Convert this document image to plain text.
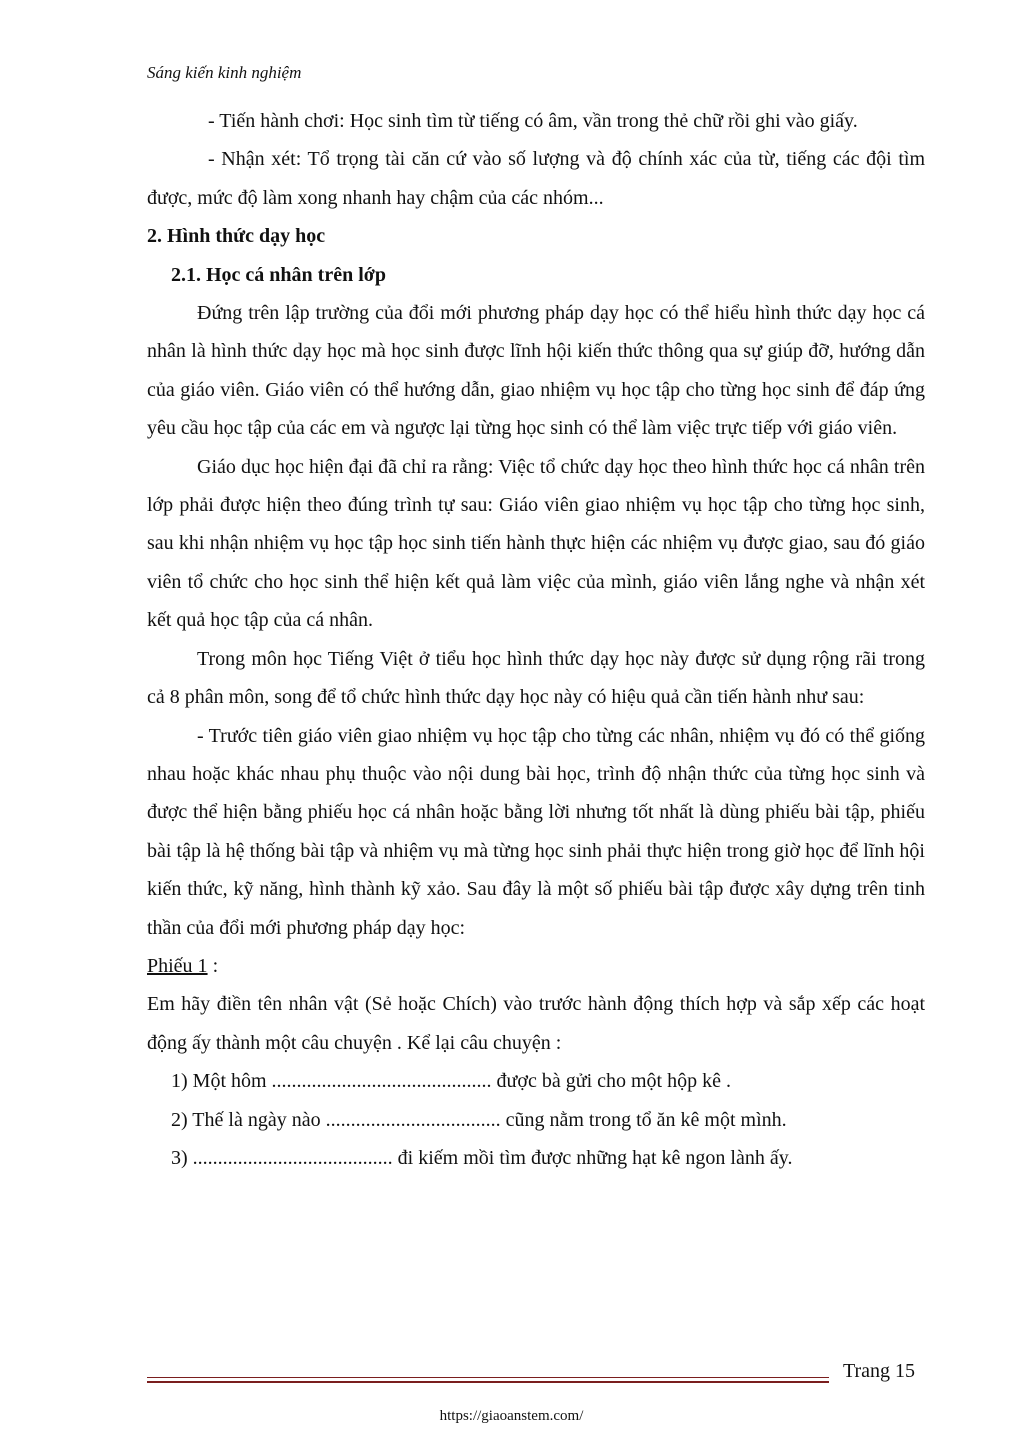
Sáng kiến kinh nghiệm

- Tiến hành chơi: Học sinh tìm từ tiếng có âm, vần trong thẻ chữ rồi ghi vào giấy.

- Nhận xét: Tổ trọng tài căn cứ vào số lượng và độ chính xác của từ, tiếng các đội tìm được, mức độ làm xong nhanh hay chậm của các nhóm...

2. Hình thức dạy học

2.1. Học cá nhân trên lớp

Đứng trên lập trường của đổi mới phương pháp dạy học có thể hiểu hình thức dạy học cá nhân là hình thức dạy học mà học sinh được lĩnh hội kiến thức thông qua sự giúp đỡ, hướng dẫn của giáo viên. Giáo viên có thể hướng dẫn, giao nhiệm vụ học tập cho từng học sinh để đáp ứng yêu cầu học tập của các em và ngược lại từng học sinh có thể làm việc trực tiếp với giáo viên.

Giáo dục học hiện đại đã chỉ ra rằng: Việc tổ chức dạy học theo hình thức học cá nhân trên lớp phải được hiện theo đúng trình tự sau: Giáo viên giao nhiệm vụ học tập cho từng học sinh, sau khi nhận nhiệm vụ học tập học sinh tiến hành thực hiện các nhiệm vụ được giao, sau đó giáo viên tổ chức cho học sinh thể hiện kết quả làm việc của mình, giáo viên lắng nghe và nhận xét kết quả học tập của cá nhân.

Trong môn học Tiếng Việt ở tiểu học hình thức dạy học này được sử dụng rộng rãi trong cả 8 phân môn, song để tổ chức hình thức dạy học này có hiệu quả cần tiến hành như sau:

- Trước tiên giáo viên giao nhiệm vụ học tập cho từng các nhân, nhiệm vụ đó có thể giống nhau hoặc khác nhau phụ thuộc vào nội dung bài học, trình độ nhận thức của từng học sinh và được thể hiện bằng phiếu học cá nhân hoặc bằng lời nhưng tốt nhất là dùng phiếu bài tập, phiếu bài tập là hệ thống bài tập và nhiệm vụ mà từng học sinh phải thực hiện trong giờ học để lĩnh hội kiến thức, kỹ năng, hình thành kỹ xảo. Sau đây là một số phiếu bài tập được xây dựng trên tinh thần của đổi mới phương pháp dạy học:

Phiếu 1 :

Em hãy điền tên nhân vật (Sẻ hoặc Chích) vào trước hành động thích hợp và sắp xếp các hoạt động ấy thành một câu chuyện . Kể lại câu chuyện :

1) Một hôm ............................................ được bà gửi cho một hộp kê .

2) Thế là ngày nào ................................... cũng nằm trong tổ ăn kê một mình.

3) ........................................ đi kiếm mồi tìm được những hạt kê ngon lành ấy.

Trang 15
https://giaoanstem.com/
